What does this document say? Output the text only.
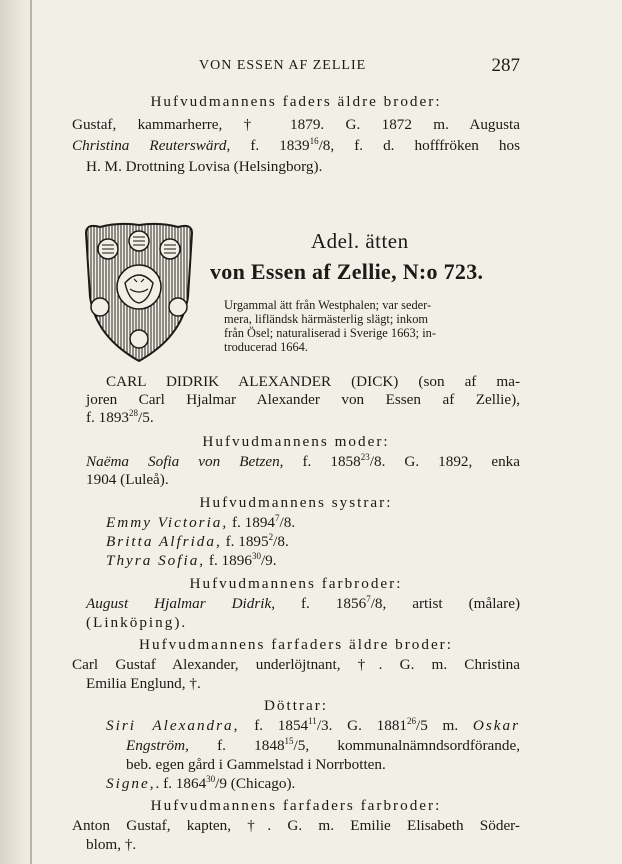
VON ESSEN AF ZELLIE	287
Hufvudmannens faders äldre broder:
Gustaf, kammarherre, † 1879. G. 1872 m. Augusta
Christina Reuterswärd, f. 1839$^{16}$/8, f. d. hofffröken hos
H. M. Drottning Lovisa (Helsingborg).
Adel. ätten
von Essen af Zellie, N:o 723.
Urgammal ätt från Westphalen; var seder-
mera, lifländsk härmästerlig slägt; inkom
från Ösel; naturaliserad i Sverige 1663; in-
troducerad 1664.
CARL DIDRIK ALEXANDER (DICK) (son af ma-
joren Carl Hjalmar Alexander von Essen af Zellie),
f. 1893$^{28}$/5.
Hufvudmannens moder:
Naëma Sofia von Betzen, f. 1858$^{23}$/8. G. 1892, enka
1904 (Luleå).
Hufvudmannens systrar:
Emmy Victoria, f. 1894$^7$/8.
Britta Alfrida, f. 1895$^2$/8.
Thyra Sofia, f. 1896$^{30}$/9.
Hufvudmannens farbroder:
August Hjalmar Didrik, f. 1856$^7$/8, artist (målare)
(Linköping).
Hufvudmannens farfaders äldre broder:
Carl Gustaf Alexander, underlöjtnant, †. G. m. Christina
Emilia Englund, †.
Döttrar:
Siri Alexandra, f. 1854$^{11}$/3. G. 1881$^{26}$/5 m. Oskar
Engström, f. 1848$^{15}$/5, kommunalnämndsordförande,
beb. egen gård i Gammelstad i Norrbotten.
Signe,. f. 1864$^{30}$/9 (Chicago).
Hufvudmannens farfaders farbroder:
Anton Gustaf, kapten, †. G. m. Emilie Elisabeth Söder-
blom, †.
